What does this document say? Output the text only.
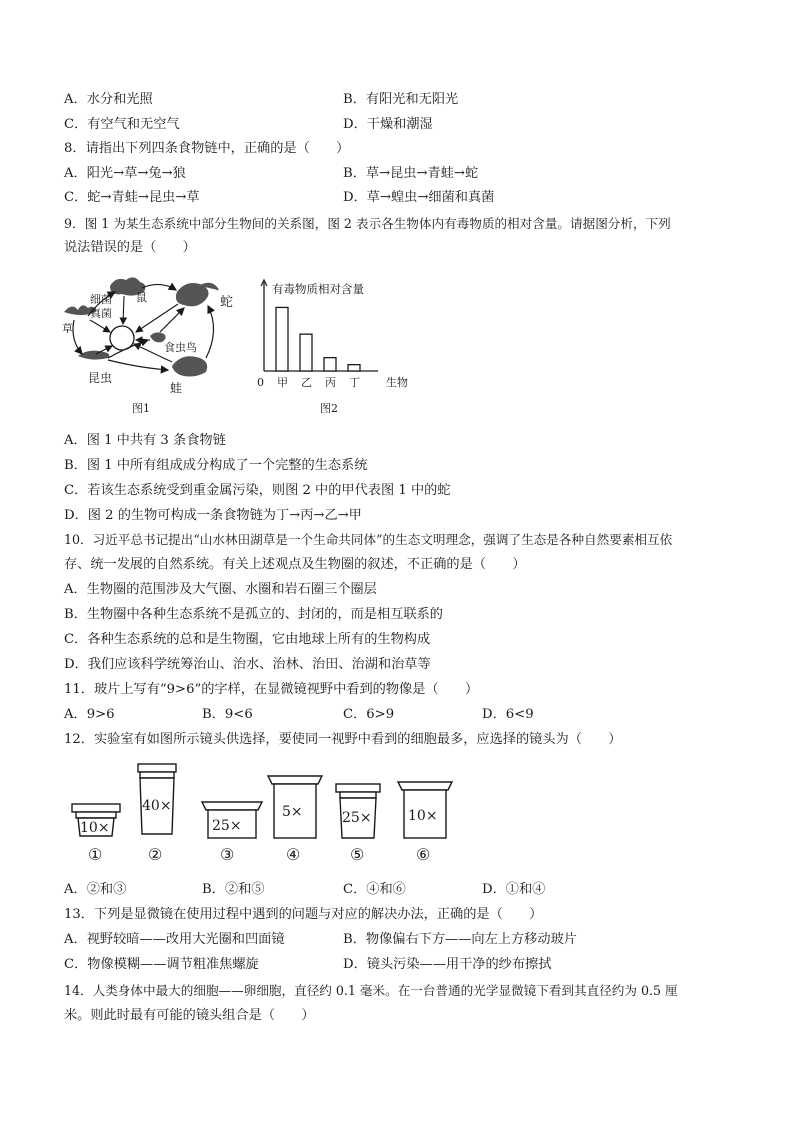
A．水分和光照	B．有阳光和无阳光
C．有空气和无空气	D．干燥和潮湿
8．请指出下列四条食物链中，正确的是（　　）
A．阳光→草→兔→狼	B．草→昆虫→青蛙→蛇
C．蛇→青蛙→昆虫→草	D．草→蝗虫→细菌和真菌
9．图 1 为某生态系统中部分生物间的关系图，图 2 表示各生物体内有毒物质的相对含量。请据图分析，下列
说法错误的是（　　）
细菌
真菌
鼠	蛇
草
食虫鸟
昆虫
蛙
图1
有毒物质相对含量
0	生物
甲 乙 丙 丁
图2
A．图 1 中共有 3 条食物链
B．图 1 中所有组成成分构成了一个完整的生态系统
C．若该生态系统受到重金属污染，则图 2 中的甲代表图 1 中的蛇
D．图 2 的生物可构成一条食物链为丁→丙→乙→甲
10．习近平总书记提出“山水林田湖草是一个生命共同体”的生态文明理念，强调了生态是各种自然要素相互依
存、统一发展的自然系统。有关上述观点及生物圈的叙述，不正确的是（　　）
A．生物圈的范围涉及大气圈、水圈和岩石圈三个圈层
B．生物圈中各种生态系统不是孤立的、封闭的，而是相互联系的
C．各种生态系统的总和是生物圈，它由地球上所有的生物构成
D．我们应该科学统筹治山、治水、治林、治田、治湖和治草等
11．玻片上写有“9>6”的字样，在显微镜视野中看到的物像是（　　）
A．9>6	B．9<6	C．6>9	D．6<9
12．实验室有如图所示镜头供选择，要使同一视野中看到的细胞最多，应选择的镜头为（　　）
10×
①
40×
②
25×
③
5×
④
25×
⑤
10×
⑥
A．②和③	B．②和⑤	C．④和⑥	D．①和④
13．下列是显微镜在使用过程中遇到的问题与对应的解决办法，正确的是（　　）
A．视野较暗——改用大光圈和凹面镜	B．物像偏右下方——向左上方移动玻片
C．物像模糊——调节粗准焦螺旋	D．镜头污染——用干净的纱布擦拭
14．人类身体中最大的细胞——卵细胞，直径约 0.1 毫米。在一台普通的光学显微镜下看到其直径约为 0.5 厘
米。则此时最有可能的镜头组合是（　　）
